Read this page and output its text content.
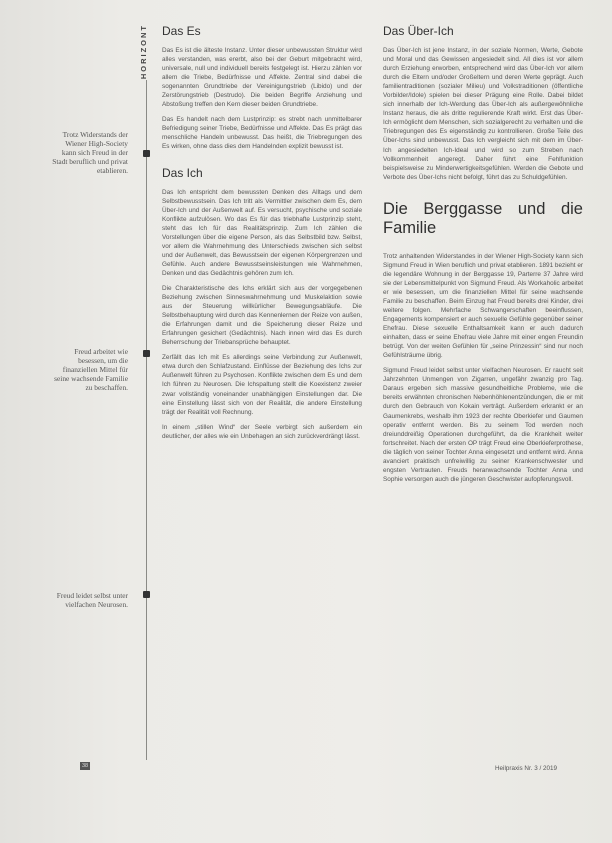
HORIZONT
Trotz Widerstands der Wiener High-Society kann sich Freud in der Stadt beruflich und privat etablieren.
Freud arbeitet wie besessen, um die finanziellen Mittel für seine wachsende Familie zu beschaffen.
Freud leidet selbst unter vielfachen Neurosen.
Das Es

Das Es ist die älteste Instanz. Unter dieser unbewussten Struktur wird alles verstanden, was ererbt, also bei der Geburt mitgebracht wird, universale, null und individuell bereits festgelegt ist. Hierzu zählen vor allem die Triebe, Bedürfnisse und Affekte. Zentral sind dabei die sogenannten Grundtriebe der Vereinigungstrieb (Libido) und der Zerstörungstrieb (Destrudo). Die beiden Begriffe Anziehung und Abstoßung treffen den Kern dieser beiden Grundtriebe.

Das Es handelt nach dem Lustprinzip: es strebt nach unmittelbarer Befriedigung seiner Triebe, Bedürfnisse und Affekte. Das Es prägt das menschliche Handeln unbewusst. Das heißt, die Triebregungen des Es wirken, ohne dass dies dem Handelnden explizit bewusst ist.

Das Ich

Das Ich entspricht dem bewussten Denken des Alltags und dem Selbstbewusstsein. Das Ich tritt als Vermittler zwischen dem Es, dem Über-Ich und der Außenwelt auf. Es versucht, psychische und soziale Konflikte aufzulösen. Wo das Es für das triebhafte Lustprinzip steht, steht das Ich für das Realitätsprinzip. Zum Ich zählen die Vorstellungen über die eigene Person, als das Selbstbild bzw. Selbst, vor allem die Wahrnehmung des Unterschieds zwischen sich selbst und der Außenwelt, das Bewusstsein der eigenen Körpergrenzen und Gefühle. Auch andere Bewusstseinsleistungen wie Wahrnehmen, Denken und das Gedächtnis gehören zum Ich.

Die Charakteristische des Ichs erklärt sich aus der vorgegebenen Beziehung zwischen Sinneswahrnehmung und Muskelaktion sowie aus der Steuerung willkürlicher Bewegungsabläufe. Die Selbstbehauptung wird durch das Kennenlernen der Reize von außen, die Erfahrungen damit und die Speicherung dieser Reize und Erfahrungen gesichert (Gedächtnis). Nach innen wird das Es durch Beherrschung der Triebansprüche behauptet.

Zerfällt das Ich mit Es allerdings seine Verbindung zur Außenwelt, etwa durch den Schlafzustand. Einflüsse der Beziehung des Ichs zur Außenwelt führen zu Psychosen. Konflikte zwischen dem Es und dem Ich führen zu Neurosen. Die Ichspaltung stellt die Koexistenz zweier zwar vollständig voneinander unabhängigen Einstellungen dar. Die eine Einstellung lässt sich von der Realität, die andere Einstellung trägt der Realität voll Rechnung.

In einem „stillen Wind“ der Seele verbirgt sich außerdem ein deutlicher, der alles wie ein Unbehagen an sich zurückverdrängt lässt.

Das Über-Ich

Das Über-Ich ist jene Instanz, in der soziale Normen, Werte, Gebote und Moral und das Gewissen angesiedelt sind. All dies ist vor allem durch Erziehung erworben, entsprechend wird das Über-Ich vor allem durch die Eltern und/oder Großeltern und deren Werte geprägt. Auch familientraditionen (sozialer Milieu) und Volkstraditionen (öffentliche Vorbilder/Idole) spielen bei dieser Prägung eine Rolle. Dabei bildet sich innerhalb der Ich-Werdung das Über-Ich als außergewöhnliche Instanz heraus, die als dritte regulierende Kraft wirkt. Erst das Über-Ich ermöglicht dem Menschen, sich sozialgerecht zu verhalten und die Triebregungen des Es eigenständig zu kontrollieren. Große Teile des Über-Ichs sind unbewusst. Das Ich vergleicht sich mit dem im Über-Ich angesiedelten Ich-Ideal und wird so zum Streben nach Vollkommenheit angeregt. Daher führt eine Fehlfunktion beispielsweise zu Minderwertigkeitsgefühlen. Werden die Gebote und Verbote des Über-Ichs nicht befolgt, führt das zu Schuldgefühlen.

Die Berggasse und die Familie

Trotz anhaltenden Widerstandes in der Wiener High-Society kann sich Sigmund Freud in Wien beruflich und privat etablieren. 1891 bezieht er die legendäre Wohnung in der Berggasse 19, Parterre 37 Jahre wird sie der Lebensmittelpunkt von Sigmund Freud. Als Workaholic arbeitet er wie besessen, um die finanziellen Mittel für seine wachsende Familie zu beschaffen. Beim Einzug hat Freud bereits drei Kinder, drei weitere folgen. Mehrfache Schwangerschaften beeinflussen, Engagements kompensiert er auch sexuelle Gefühle gegenüber seiner Ehefrau. Diese sexuelle Enthaltsamkeit kann er auch dadurch einhalten, dass er seine Ehefrau viele Jahre mit einer engen Freundin betrügt. Von der weiten Gefühlen für „seine Prinzessin“ sind nur noch Gefühlsträume übrig.

Sigmund Freud leidet selbst unter vielfachen Neurosen. Er raucht seit Jahrzehnten Unmengen von Zigarren, ungefähr zwanzig pro Tag. Daraus ergeben sich massive gesundheitliche Probleme, wie die bereits erwähnten chronischen Nebenhöhlenentzündungen, die er mit durch den Gebrauch von Kokain verträgt. Außerdem erkrankt er an Gaumenkrebs, weshalb ihm 1923 der rechte Oberkiefer und Gaumen operativ entfernt werden. Bis zu seinem Tod werden noch dreiunddreißig Operationen durchgeführt, da die Krankheit weiter fortschreitet. Nach der ersten OP trägt Freud eine Oberkieferprothese, die täglich von seiner Tochter Anna eingesetzt und entfernt wird. Anna avanciert praktisch unfreiwillig zu seiner Krankenschwester und engsten Vertrauten. Freuds heranwachsende Tochter Anna und Sophie versorgen auch die jüngeren Geschwister aufopferungsvoll.

38	Heilpraxis Nr. 3 / 2019
